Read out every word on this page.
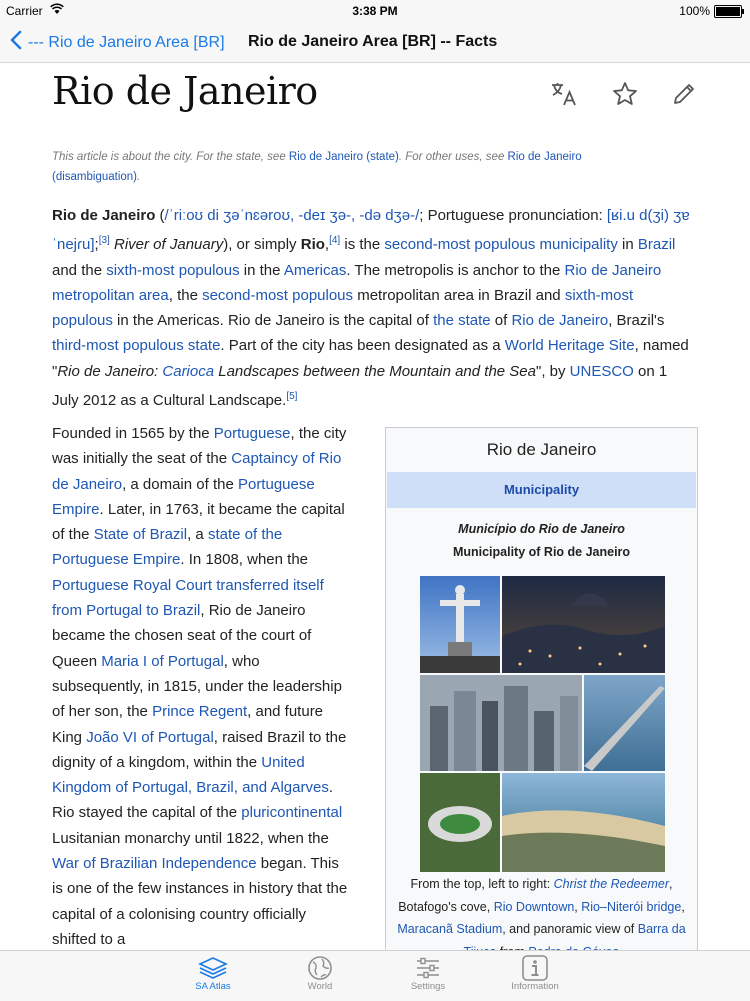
Carrier	3:38 PM	100%
--- Rio de Janeiro Area [BR] Rio de Janeiro Area [BR] -- Facts
Rio de Janeiro
This article is about the city. For the state, see Rio de Janeiro (state). For other uses, see Rio de Janeiro (disambiguation).
Rio de Janeiro (/ˈriːoʊ di ʒəˈnɛəroʊ, -deɪ ʒə-, -də dʒə-/; Portuguese pronunciation: [ʁi.u d(ʒi) ʒɐˈnejɾu];[3] River of January), or simply Rio,[4] is the second-most populous municipality in Brazil and the sixth-most populous in the Americas. The metropolis is anchor to the Rio de Janeiro metropolitan area, the second-most populous metropolitan area in Brazil and sixth-most populous in the Americas. Rio de Janeiro is the capital of the state of Rio de Janeiro, Brazil's third-most populous state. Part of the city has been designated as a World Heritage Site, named "Rio de Janeiro: Carioca Landscapes between the Mountain and the Sea", by UNESCO on 1 July 2012 as a Cultural Landscape.[5]
Founded in 1565 by the Portuguese, the city was initially the seat of the Captaincy of Rio de Janeiro, a domain of the Portuguese Empire. Later, in 1763, it became the capital of the State of Brazil, a state of the Portuguese Empire. In 1808, when the Portuguese Royal Court transferred itself from Portugal to Brazil, Rio de Janeiro became the chosen seat of the court of Queen Maria I of Portugal, who subsequently, in 1815, under the leadership of her son, the Prince Regent, and future King João VI of Portugal, raised Brazil to the dignity of a kingdom, within the United Kingdom of Portugal, Brazil, and Algarves. Rio stayed the capital of the pluricontinental Lusitanian monarchy until 1822, when the War of Brazilian Independence began. This is one of the few instances in history that the capital of a colonising country officially shifted to a
Rio de Janeiro
Municipality
Município do Rio de Janeiro
Municipality of Rio de Janeiro
From the top, left to right: Christ the Redeemer, Botafogo's cove, Rio Downtown, Rio–Niterói bridge, Maracanã Stadium, and panoramic view of Barra da
SA Atlas	World	Settings	Information
